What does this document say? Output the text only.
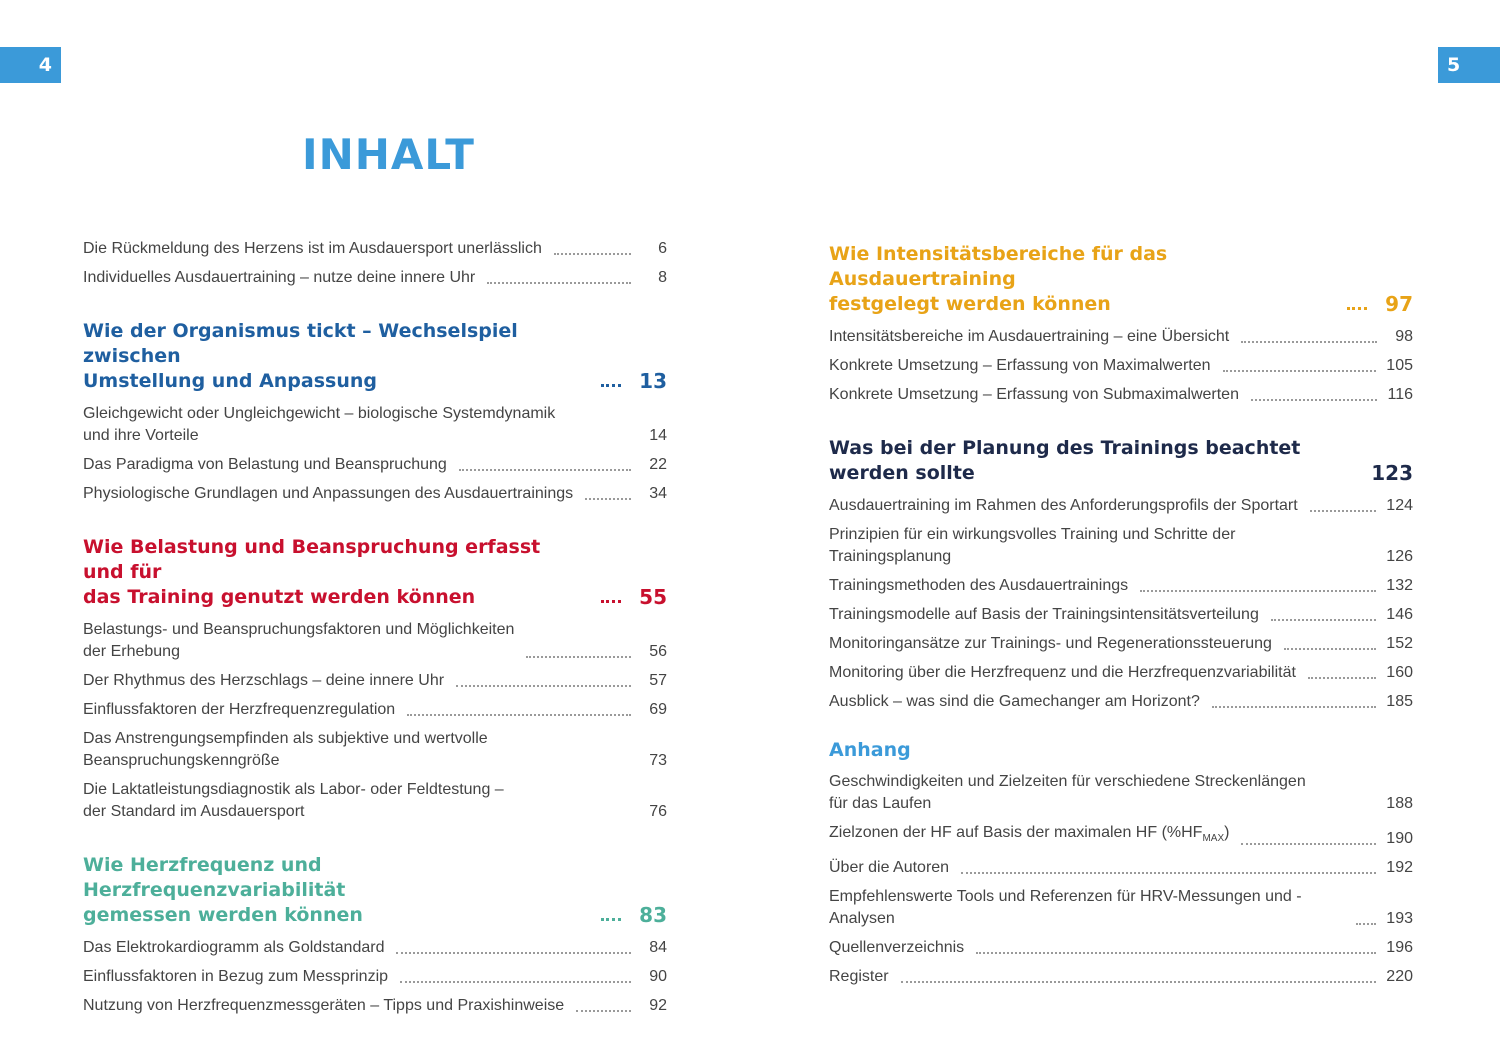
4	5
INHALT
Die Rückmeldung des Herzens ist im Ausdauersport unerlässlich	6
Individuelles Ausdauertraining – nutze deine innere Uhr	8
Wie der Organismus tickt – Wechselspiel zwischen
Umstellung und Anpassung	13
Gleichgewicht oder Ungleichgewicht – biologische Systemdynamik
und ihre Vorteile	14
Das Paradigma von Belastung und Beanspruchung	22
Physiologische Grundlagen und Anpassungen des Ausdauertrainings	34
Wie Belastung und Beanspruchung erfasst und für
das Training genutzt werden können	55
Belastungs- und Beanspruchungsfaktoren und Möglichkeiten
der Erhebung	56
Der Rhythmus des Herzschlags – deine innere Uhr	57
Einflussfaktoren der Herzfrequenzregulation	69
Das Anstrengungsempfinden als subjektive und wertvolle
Beanspruchungskenngröße	73
Die Laktatleistungsdiagnostik als Labor- oder Feldtestung –
der Standard im Ausdauersport	76
Wie Herzfrequenz und Herzfrequenzvariabilität
gemessen werden können	83
Das Elektrokardiogramm als Goldstandard	84
Einflussfaktoren in Bezug zum Messprinzip	90
Nutzung von Herzfrequenzmessgeräten – Tipps und Praxishinweise	92
Wie Intensitätsbereiche für das Ausdauertraining
festgelegt werden können	97
Intensitätsbereiche im Ausdauertraining – eine Übersicht	98
Konkrete Umsetzung – Erfassung von Maximalwerten	105
Konkrete Umsetzung – Erfassung von Submaximalwerten	116
Was bei der Planung des Trainings beachtet werden sollte	123
Ausdauertraining im Rahmen des Anforderungsprofils der Sportart	124
Prinzipien für ein wirkungsvolles Training und Schritte der Trainingsplanung	126
Trainingsmethoden des Ausdauertrainings	132
Trainingsmodelle auf Basis der Trainingsintensitätsverteilung	146
Monitoringansätze zur Trainings- und Regenerationssteuerung	152
Monitoring über die Herzfrequenz und die Herzfrequenzvariabilität	160
Ausblick – was sind die Gamechanger am Horizont?	185
Anhang
Geschwindigkeiten und Zielzeiten für verschiedene Streckenlängen
für das Laufen	188
Zielzonen der HF auf Basis der maximalen HF $(\%HF_{MAX})$	190
Über die Autoren	192
Empfehlenswerte Tools und Referenzen für HRV-Messungen und -Analysen	193
Quellenverzeichnis	196
Register	220
